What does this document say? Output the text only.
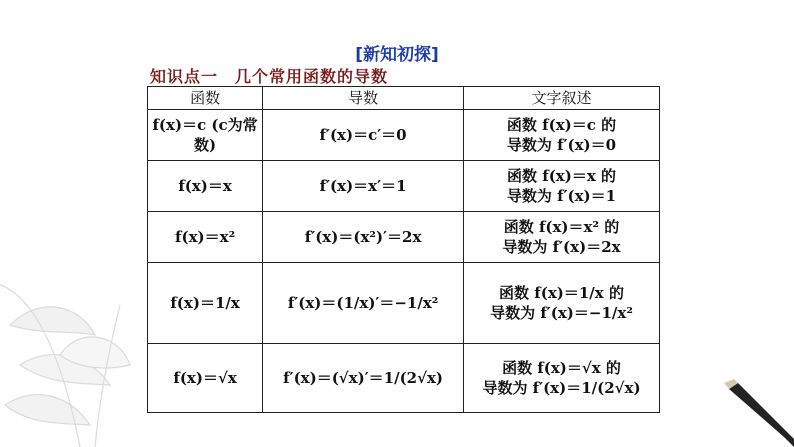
[新知初探]
知识点一　几个常用函数的导数
函数	导数	文字叙述
f(x)＝c (c为常数)	f′(x)＝c′＝0	函数 f(x)＝c 的
导数为 f′(x)＝0

f(x)＝x	f′(x)＝x′＝1	函数 f(x)＝x 的
导数为 f′(x)＝1

f(x)＝x²	f′(x)＝(x²)′＝2x	函数 f(x)＝x² 的
导数为 f′(x)＝2x

f(x)＝1/x	f′(x)＝(1/x)′＝−1/x²	函数 f(x)＝1/x 的
导数为 f′(x)＝−1/x²

f(x)＝√x	f′(x)＝(√x)′＝1/(2√x)	函数 f(x)＝√x 的
导数为 f′(x)＝1/(2√x)
